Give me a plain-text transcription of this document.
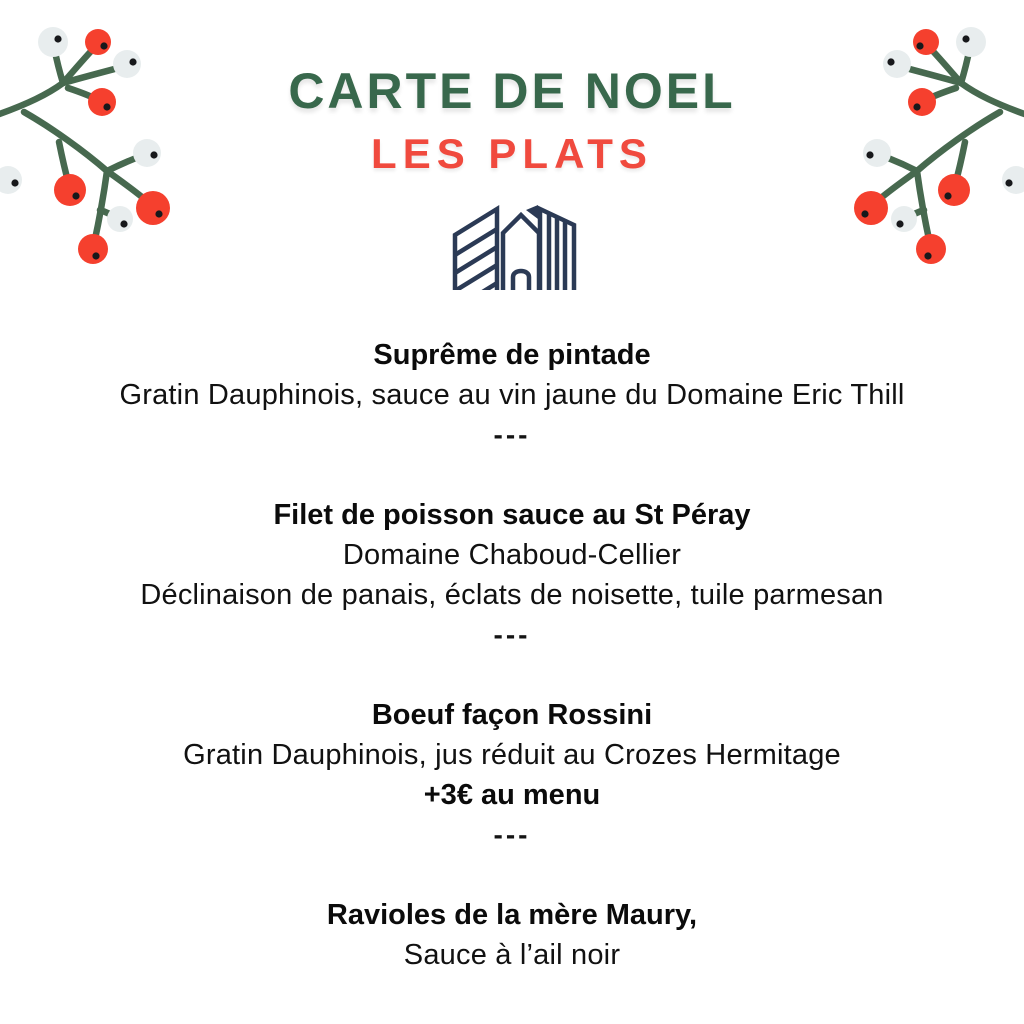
CARTE DE NOEL
LES PLATS
Suprême de pintade
Gratin Dauphinois, sauce au vin jaune du Domaine Eric Thill
---
Filet de poisson sauce au St Péray
Domaine Chaboud-Cellier
Déclinaison de panais, éclats de noisette, tuile parmesan
---
Boeuf façon Rossini
Gratin Dauphinois, jus réduit au Crozes Hermitage
+3€ au menu
---
Ravioles de la mère Maury,
Sauce à l’ail noir
